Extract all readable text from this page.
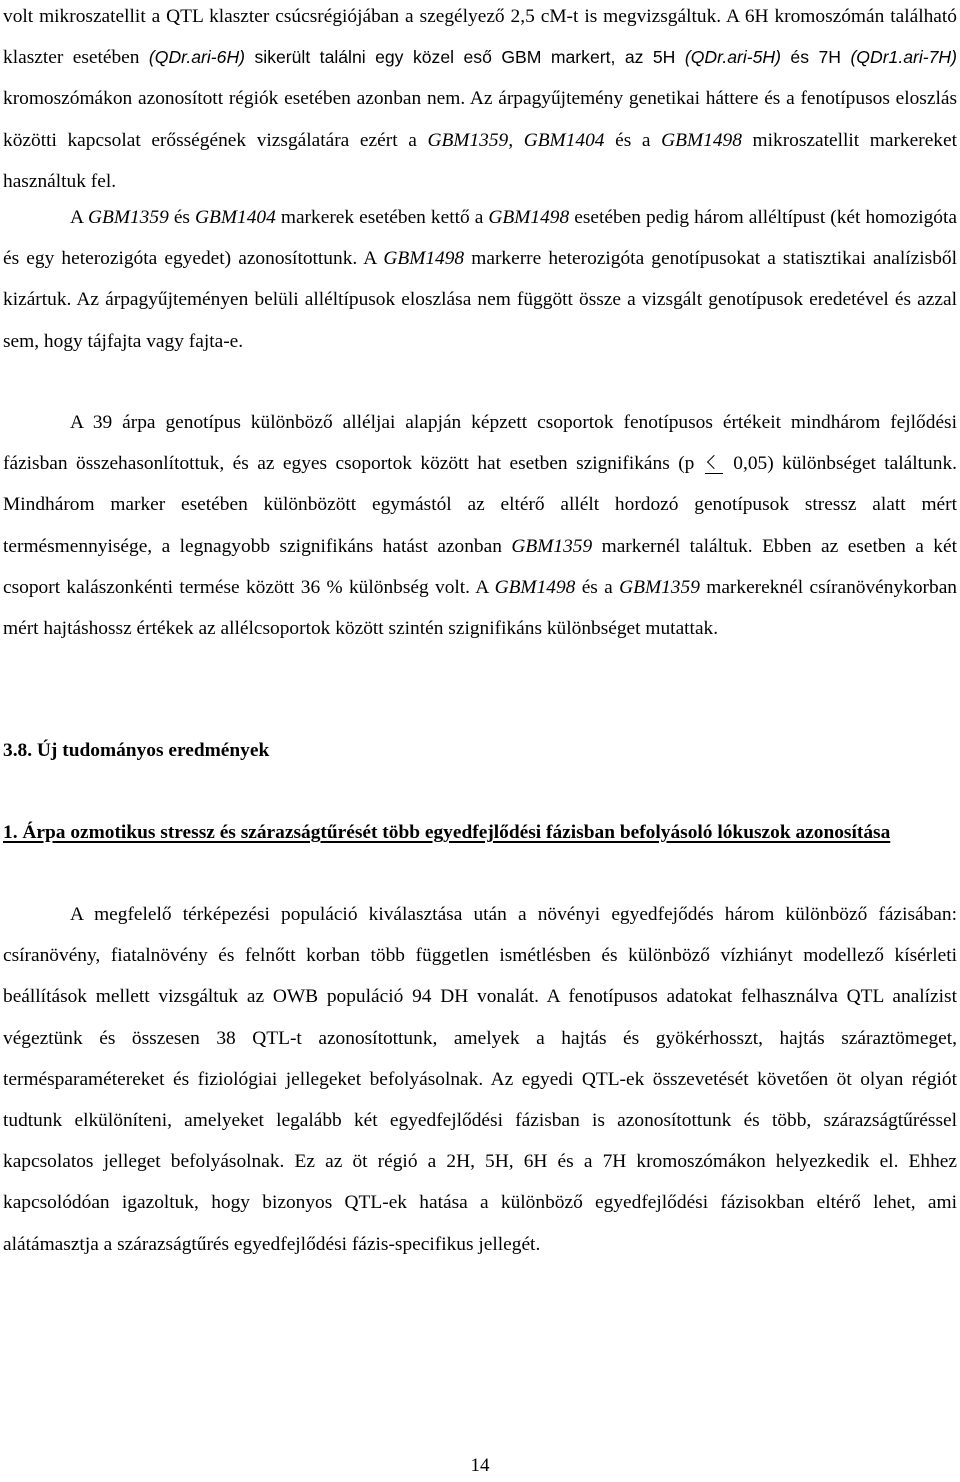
volt mikroszatellit a QTL klaszter csúcsrégiójában a szegélyező 2,5 cM-t is megvizsgáltuk. A 6H kromoszómán található klaszter esetében (QDr.ari-6H) sikerült találni egy közel eső GBM markert, az 5H (QDr.ari-5H) és 7H (QDr1.ari-7H) kromoszómákon azonosított régiók esetében azonban nem. Az árpagyűjtemény genetikai háttere és a fenotípusos eloszlás közötti kapcsolat erősségének vizsgálatára ezért a GBM1359, GBM1404 és a GBM1498 mikroszatellit markereket használtuk fel.

A GBM1359 és GBM1404 markerek esetében kettő a GBM1498 esetében pedig három alléltípust (két homozigóta és egy heterozigóta egyedet) azonosítottunk. A GBM1498 markerre heterozigóta genotípusokat a statisztikai analízisből kizártuk. Az árpagyűjteményen belüli alléltípusok eloszlása nem függött össze a vizsgált genotípusok eredetével és azzal sem, hogy tájfajta vagy fajta-e.

A 39 árpa genotípus különböző alléljai alapján képzett csoportok fenotípusos értékeit mindhárom fejlődési fázisban összehasonlítottuk, és az egyes csoportok között hat esetben szignifikáns (p  0,05) különbséget találtunk. Mindhárom marker esetében különbözött egymástól az eltérő allélt hordozó genotípusok stressz alatt mért termésmennyisége, a legnagyobb szignifikáns hatást azonban GBM1359 markernél találtuk. Ebben az esetben a két csoport kalászonkénti termése között 36 % különbség volt. A GBM1498 és a GBM1359 markereknél csíranövénykorban mért hajtáshossz értékek az allélcsoportok között szintén szignifikáns különbséget mutattak.

3.8. Új tudományos eredmények
1. Árpa ozmotikus stressz és szárazságtűrését több egyedfejlődési fázisban befolyásoló lókuszok azonosítása

A megfelelő térképezési populáció kiválasztása után a növényi egyedfejődés három különböző fázisában: csíranövény, fiatalnövény és felnőtt korban több független ismétlésben és különböző vízhiányt modellező kísérleti beállítások mellett vizsgáltuk az OWB populáció 94 DH vonalát. A fenotípusos adatokat felhasználva QTL analízist végeztünk és összesen 38 QTL-t azonosítottunk, amelyek a hajtás és gyökérhosszt, hajtás száraztömeget, termésparamétereket és fiziológiai jellegeket befolyásolnak. Az egyedi QTL-ek összevetését követően öt olyan régiót tudtunk elkülöníteni, amelyeket legalább két egyedfejlődési fázisban is azonosítottunk és több, szárazságtűréssel kapcsolatos jelleget befolyásolnak. Ez az öt régió a 2H, 5H, 6H és a 7H kromoszómákon helyezkedik el. Ehhez kapcsolódóan igazoltuk, hogy bizonyos QTL-ek hatása a különböző egyedfejlődési fázisokban eltérő lehet, ami alátámasztja a szárazságtűrés egyedfejlődési fázis-specifikus jellegét.

14
